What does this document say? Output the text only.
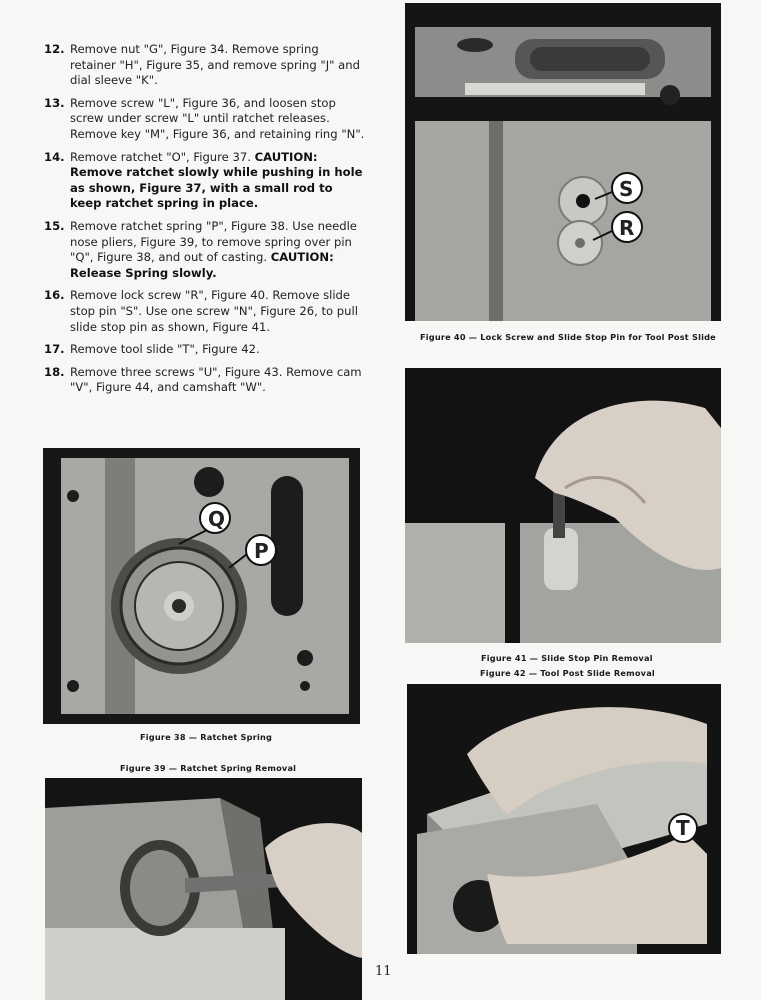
12. Remove nut "G", Figure 34. Remove spring retainer "H", Figure 35, and remove spring "J" and dial sleeve "K".
13. Remove screw "L", Figure 36, and loosen stop screw under screw "L" until ratchet releases. Remove key "M", Figure 36, and retaining ring "N".
14. Remove ratchet "O", Figure 37. CAUTION: Remove ratchet slowly while pushing in hole as shown, Figure 37, with a small rod to keep ratchet spring in place.
15. Remove ratchet spring "P", Figure 38. Use needle nose pliers, Figure 39, to remove spring over pin "Q", Figure 38, and out of casting. CAUTION: Release Spring slowly.
16. Remove lock screw "R", Figure 40. Remove slide stop pin "S". Use one screw "N", Figure 26, to pull slide stop pin as shown, Figure 41.
17. Remove tool slide "T", Figure 42.
18. Remove three screws "U", Figure 43. Remove cam "V", Figure 44, and camshaft "W".
S
R
Figure 40 — Lock Screw and Slide Stop Pin for Tool Post Slide
Figure 41 — Slide Stop Pin Removal
Figure 42 — Tool Post Slide Removal
T
Q
P
Figure 38 — Ratchet Spring
Figure 39 — Ratchet Spring Removal
11
